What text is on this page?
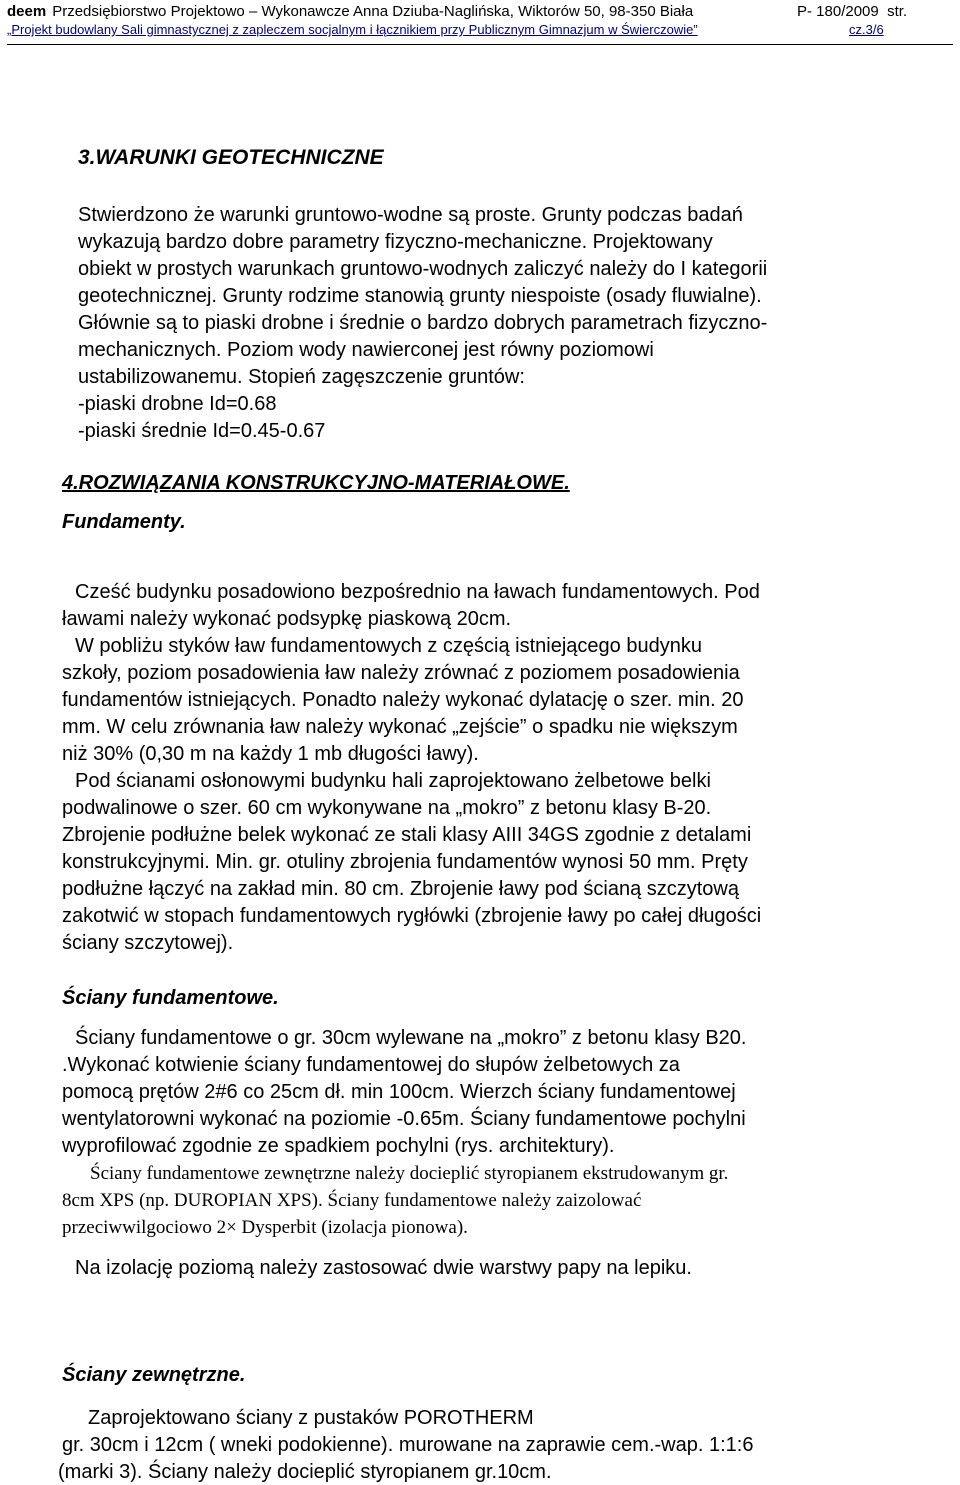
deem Przedsiębiorstwo Projektowo – Wykonawcze Anna Dziuba-Naglińska, Wiktorów 50, 98-350 Biała	P- 180/2009 str.
„Projekt budowlany Sali gimnastycznej z zapleczem socjalnym i łącznikiem przy Publicznym Gimnazjum w Świerczowie”	cz.3/6
3.WARUNKI GEOTECHNICZNE
Stwierdzono że warunki gruntowo-wodne są proste. Grunty podczas badań
wykazują bardzo dobre parametry fizyczno-mechaniczne. Projektowany
obiekt w prostych warunkach gruntowo-wodnych zaliczyć należy do I kategorii
geotechnicznej. Grunty rodzime stanowią grunty niespoiste (osady fluwialne).
Głównie są to piaski drobne i średnie o bardzo dobrych parametrach fizyczno-
mechanicznych. Poziom wody nawierconej jest równy poziomowi
ustabilizowanemu. Stopień zagęszczenie gruntów:
-piaski drobne Id=0.68
-piaski średnie Id=0.45-0.67
4.ROZWIĄZANIA KONSTRUKCYJNO-MATERIAŁOWE.
Fundamenty.
Cześć budynku posadowiono bezpośrednio na ławach fundamentowych. Pod
ławami należy wykonać podsypkę piaskową 20cm.
W pobliżu styków ław fundamentowych z częścią istniejącego budynku
szkoły, poziom posadowienia ław należy zrównać z poziomem posadowienia
fundamentów istniejących. Ponadto należy wykonać dylatację o szer. min. 20
mm. W celu zrównania ław należy wykonać „zejście” o spadku nie większym
niż 30% (0,30 m na każdy 1 mb długości ławy).
Pod ścianami osłonowymi budynku hali zaprojektowano żelbetowe belki
podwalinowe o szer. 60 cm wykonywane na „mokro” z betonu klasy B-20.
Zbrojenie podłużne belek wykonać ze stali klasy AIII 34GS zgodnie z detalami
konstrukcyjnymi. Min. gr. otuliny zbrojenia fundamentów wynosi 50 mm. Pręty
podłużne łączyć na zakład min. 80 cm. Zbrojenie ławy pod ścianą szczytową
zakotwić w stopach fundamentowych rygłówki (zbrojenie ławy po całej długości
ściany szczytowej).
Ściany fundamentowe.
Ściany fundamentowe o gr. 30cm wylewane na „mokro” z betonu klasy B20.
.Wykonać kotwienie ściany fundamentowej do słupów żelbetowych za
pomocą prętów 2#6 co 25cm dł. min 100cm. Wierzch ściany fundamentowej
wentylatorowni wykonać na poziomie -0.65m. Ściany fundamentowe pochylni
wyprofilować zgodnie ze spadkiem pochylni (rys. architektury).
Ściany fundamentowe zewnętrzne należy docieplić styropianem ekstrudowanym gr.
8cm XPS (np. DUROPIAN XPS). Ściany fundamentowe należy zaizolować
przeciwwilgociowo 2× Dysperbit (izolacja pionowa).
Na izolację poziomą należy zastosować dwie warstwy papy na lepiku.
Ściany zewnętrzne.
Zaprojektowano ściany z pustaków POROTHERM
gr. 30cm i 12cm ( wneki podokienne). murowane na zaprawie cem.-wap. 1:1:6
(marki 3). Ściany należy docieplić styropianem gr.10cm.
